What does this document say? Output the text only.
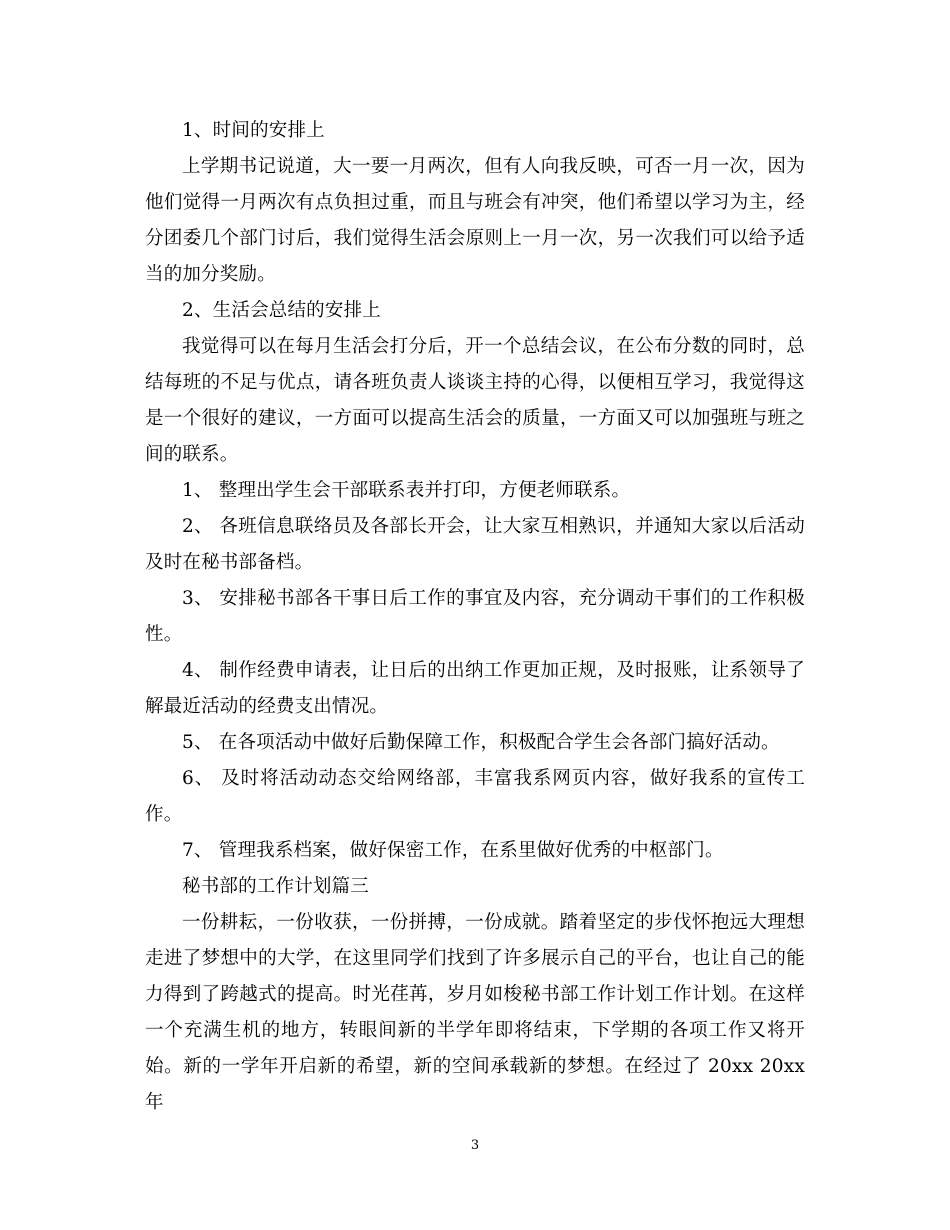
1、时间的安排上

上学期书记说道，大一要一月两次，但有人向我反映，可否一月一次，因为他们觉得一月两次有点负担过重，而且与班会有冲突，他们希望以学习为主，经分团委几个部门讨后，我们觉得生活会原则上一月一次，另一次我们可以给予适当的加分奖励。

2、生活会总结的安排上

我觉得可以在每月生活会打分后，开一个总结会议，在公布分数的同时，总结每班的不足与优点，请各班负责人谈谈主持的心得，以便相互学习，我觉得这是一个很好的建议，一方面可以提高生活会的质量，一方面又可以加强班与班之间的联系。

1、 整理出学生会干部联系表并打印，方便老师联系。

2、 各班信息联络员及各部长开会，让大家互相熟识，并通知大家以后活动及时在秘书部备档。

3、 安排秘书部各干事日后工作的事宜及内容，充分调动干事们的工作积极性。

4、 制作经费申请表，让日后的出纳工作更加正规，及时报账，让系领导了解最近活动的经费支出情况。

5、 在各项活动中做好后勤保障工作，积极配合学生会各部门搞好活动。

6、 及时将活动动态交给网络部，丰富我系网页内容，做好我系的宣传工作。

7、 管理我系档案，做好保密工作，在系里做好优秀的中枢部门。

秘书部的工作计划篇三

一份耕耘，一份收获，一份拼搏，一份成就。踏着坚定的步伐怀抱远大理想走进了梦想中的大学，在这里同学们找到了许多展示自己的平台，也让自己的能力得到了跨越式的提高。时光荏苒，岁月如梭秘书部工作计划工作计划。在这样一个充满生机的地方，转眼间新的半学年即将结束，下学期的各项工作又将开始。新的一学年开启新的希望，新的空间承载新的梦想。在经过了 20xx 20xx 年

3
